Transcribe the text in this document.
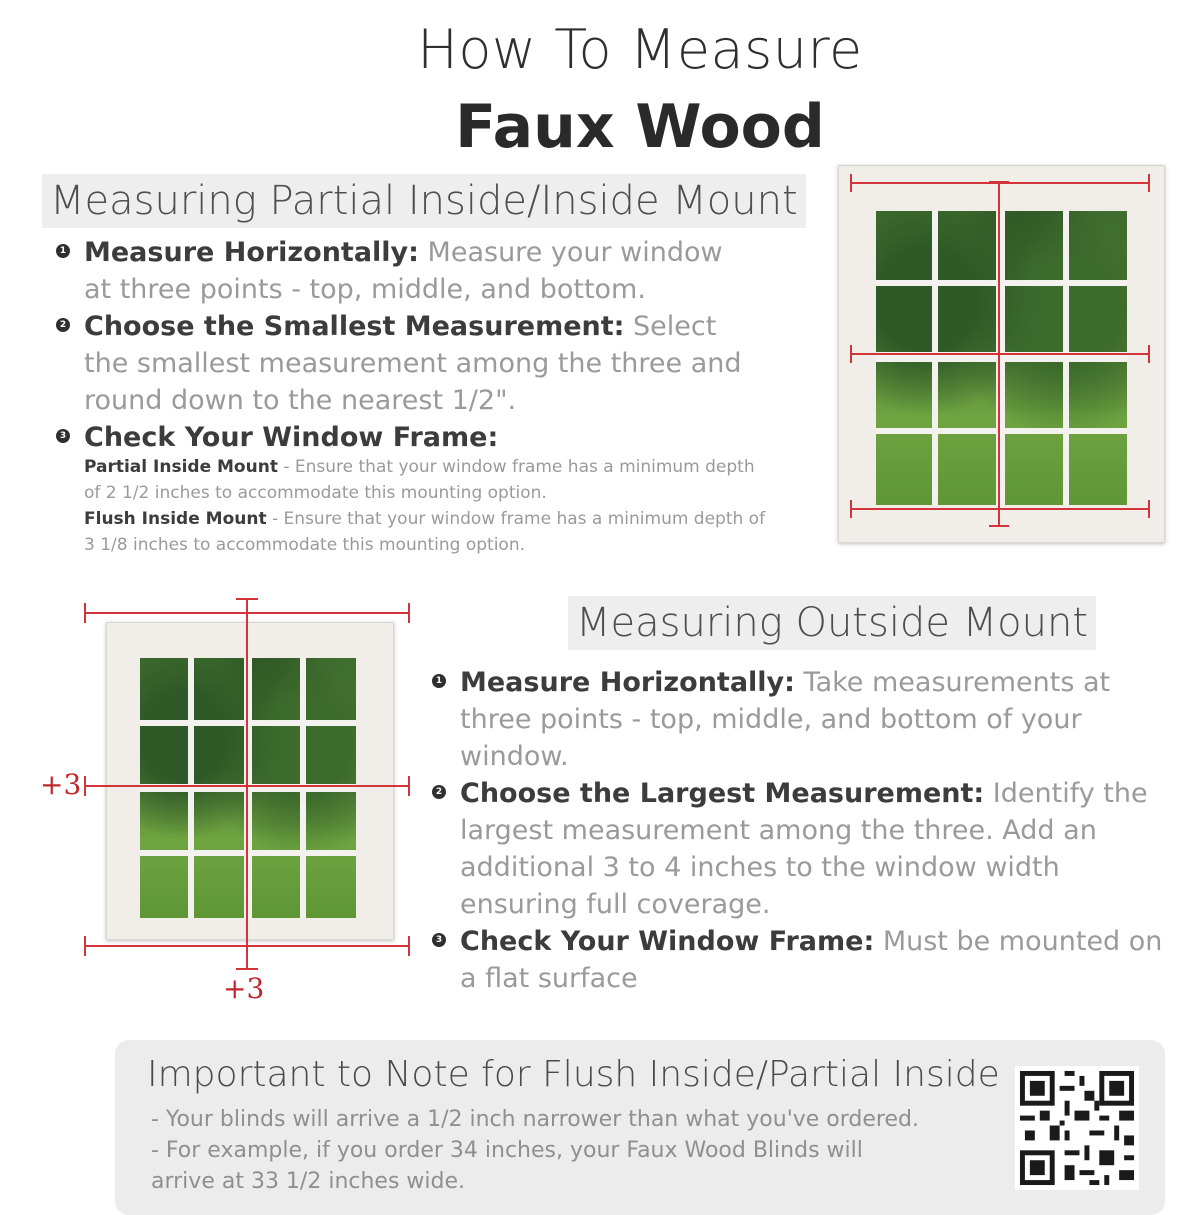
How To Measure
Faux Wood
Measuring Partial Inside/Inside Mount
1 Measure Horizontally: Measure your window at three points - top, middle, and bottom.
2 Choose the Smallest Measurement: Select the smallest measurement among the three and round down to the nearest 1/2".
3 Check Your Window Frame:
Partial Inside Mount - Ensure that your window frame has a minimum depth of 2 1/2 inches to accommodate this mounting option.
Flush Inside Mount - Ensure that your window frame has a minimum depth of 3 1/8 inches to accommodate this mounting option.
+3
+3
Measuring Outside Mount
1 Measure Horizontally: Take measurements at three points - top, middle, and bottom of your window.
2 Choose the Largest Measurement: Identify the largest measurement among the three. Add an additional 3 to 4 inches to the window width ensuring full coverage.
3 Check Your Window Frame: Must be mounted on a flat surface
Important to Note for Flush Inside/Partial Inside
- Your blinds will arrive a 1/2 inch narrower than what you've ordered.
- For example, if you order 34 inches, your Faux Wood Blinds will
arrive at 33 1/2 inches wide.
